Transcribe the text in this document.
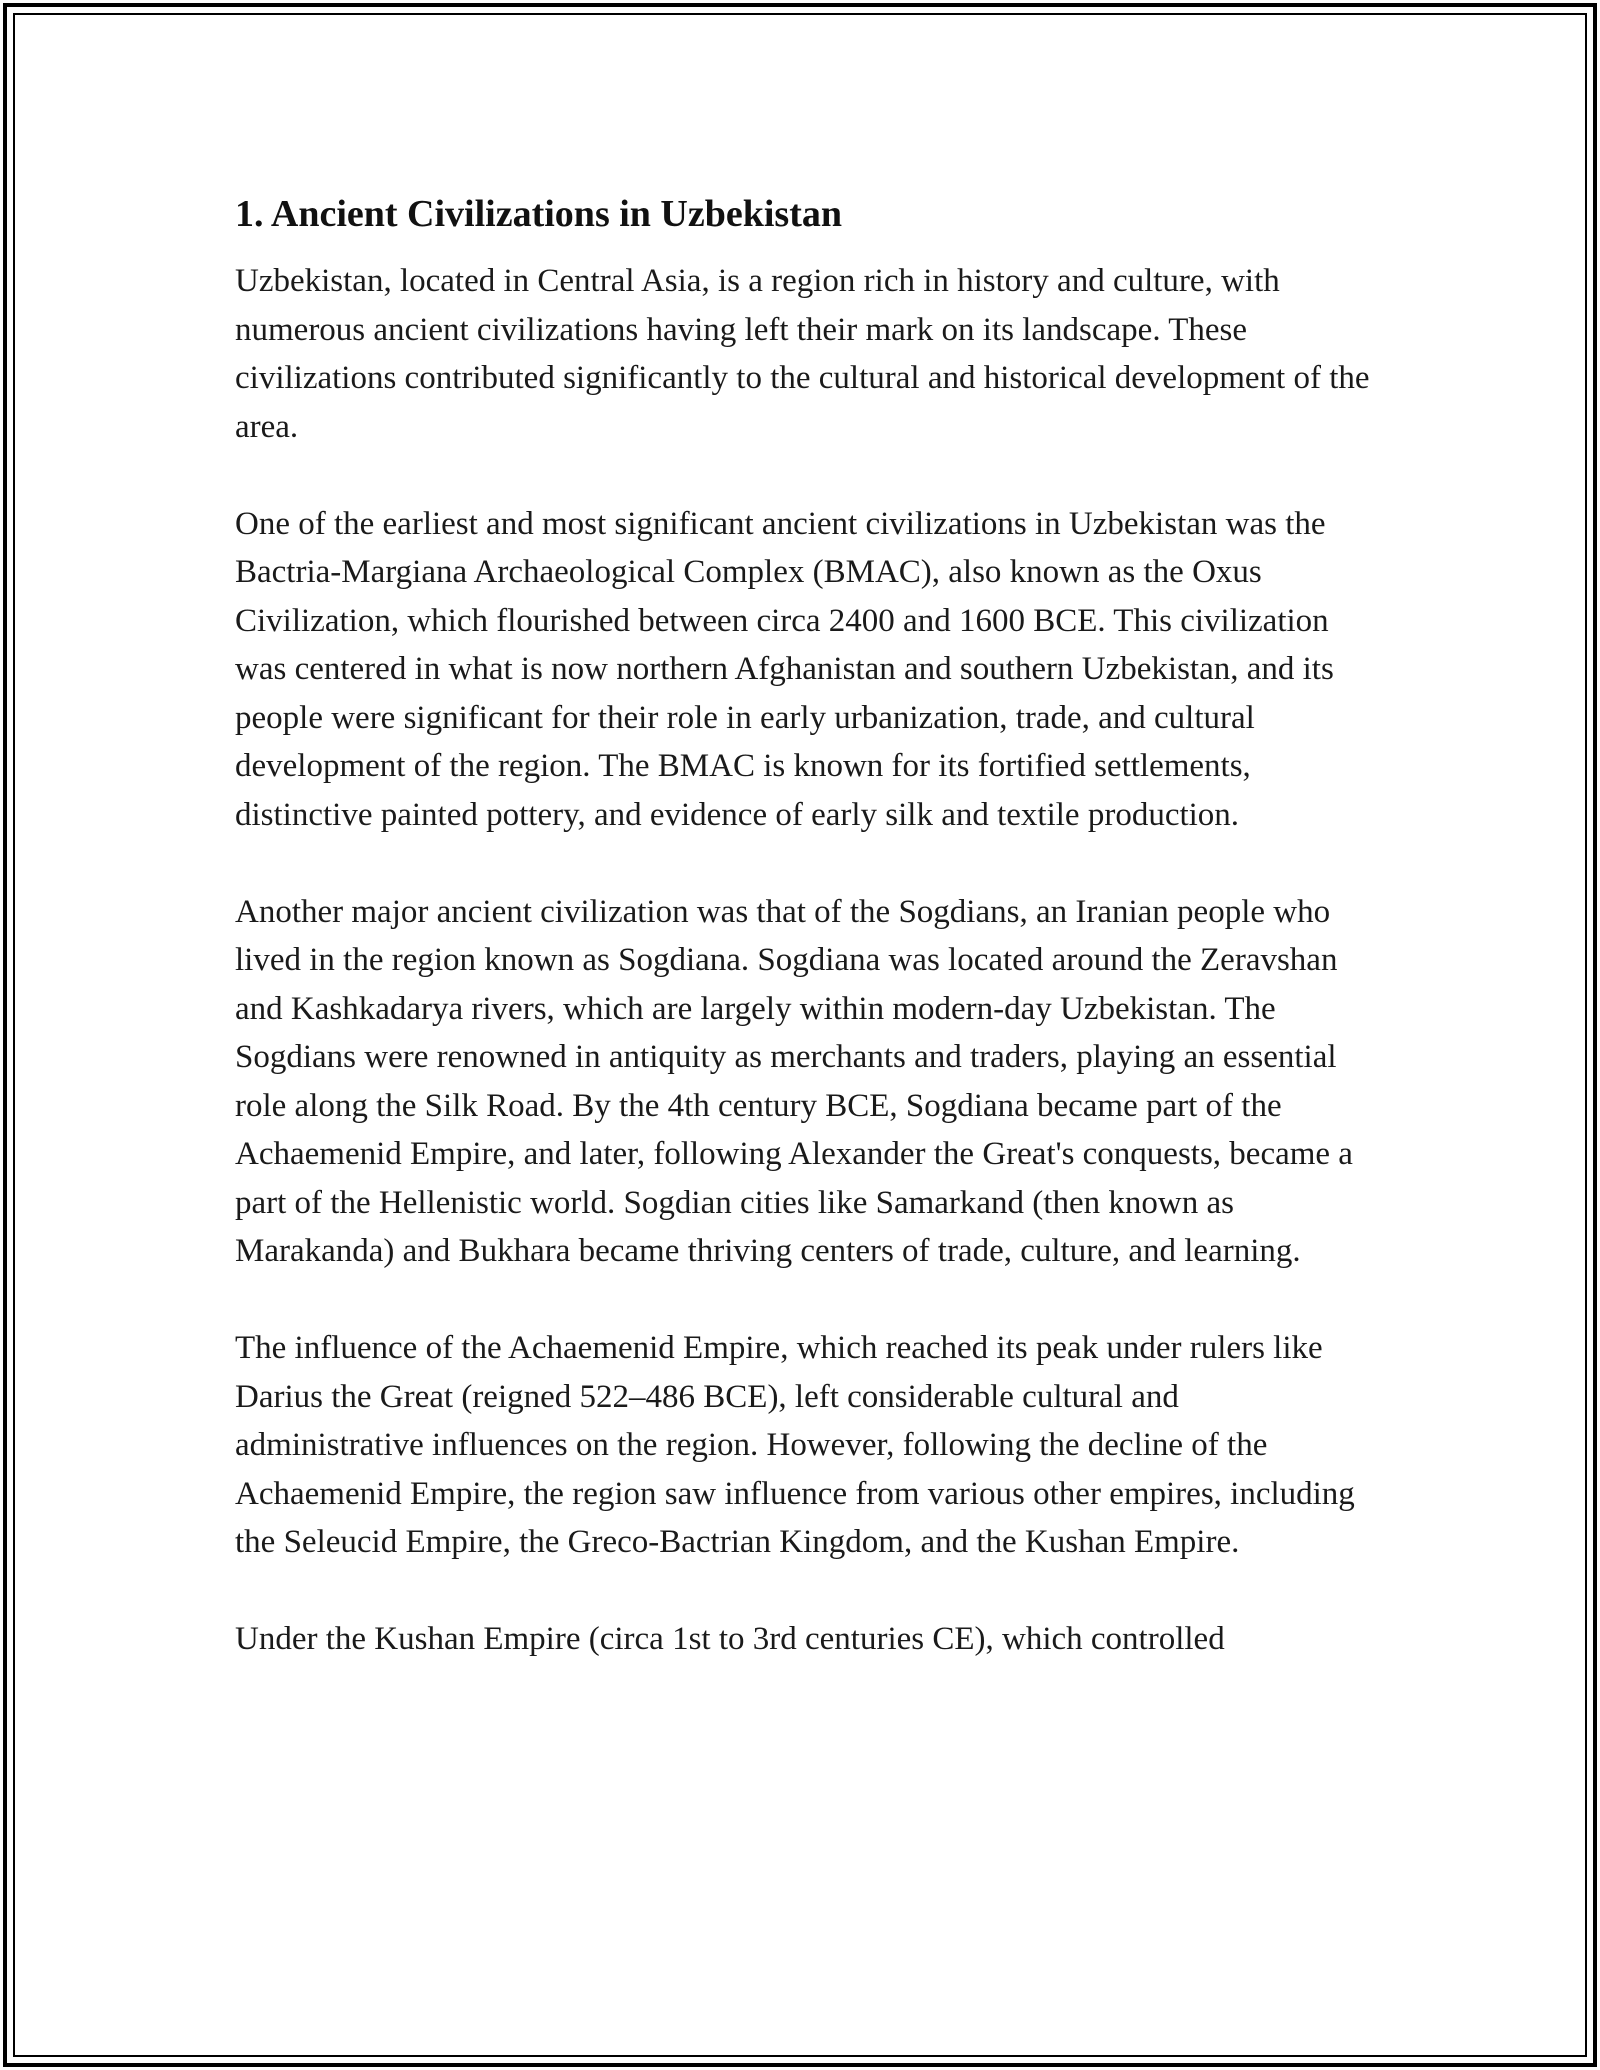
1. Ancient Civilizations in Uzbekistan

Uzbekistan, located in Central Asia, is a region rich in history and culture, with numerous ancient civilizations having left their mark on its landscape. These civilizations contributed significantly to the cultural and historical development of the area.

One of the earliest and most significant ancient civilizations in Uzbekistan was the Bactria-Margiana Archaeological Complex (BMAC), also known as the Oxus Civilization, which flourished between circa 2400 and 1600 BCE. This civilization was centered in what is now northern Afghanistan and southern Uzbekistan, and its people were significant for their role in early urbanization, trade, and cultural development of the region. The BMAC is known for its fortified settlements, distinctive painted pottery, and evidence of early silk and textile production.

Another major ancient civilization was that of the Sogdians, an Iranian people who lived in the region known as Sogdiana. Sogdiana was located around the Zeravshan and Kashkadarya rivers, which are largely within modern-day Uzbekistan. The Sogdians were renowned in antiquity as merchants and traders, playing an essential role along the Silk Road. By the 4th century BCE, Sogdiana became part of the Achaemenid Empire, and later, following Alexander the Great's conquests, became a part of the Hellenistic world. Sogdian cities like Samarkand (then known as Marakanda) and Bukhara became thriving centers of trade, culture, and learning.

The influence of the Achaemenid Empire, which reached its peak under rulers like Darius the Great (reigned 522–486 BCE), left considerable cultural and administrative influences on the region. However, following the decline of the Achaemenid Empire, the region saw influence from various other empires, including the Seleucid Empire, the Greco-Bactrian Kingdom, and the Kushan Empire.

Under the Kushan Empire (circa 1st to 3rd centuries CE), which controlled
